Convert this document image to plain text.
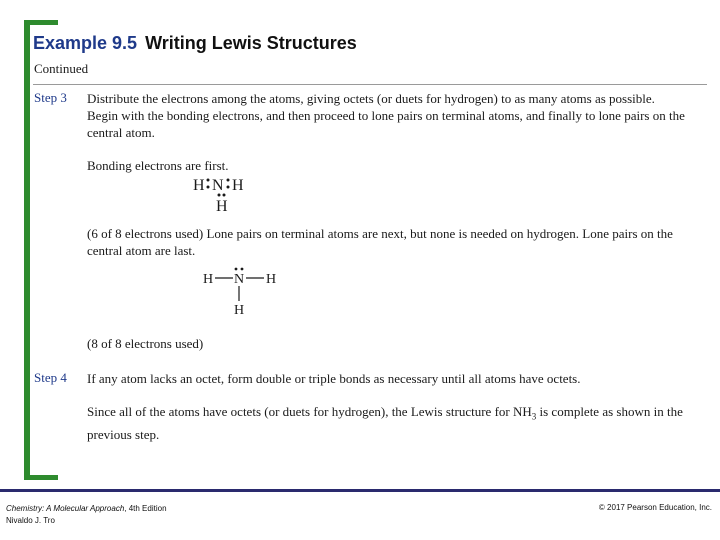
Example 9.5 Writing Lewis Structures
Continued
Step 3 Distribute the electrons among the atoms, giving octets (or duets for hydrogen) to as many atoms as possible. Begin with the bonding electrons, and then proceed to lone pairs on terminal atoms, and finally to lone pairs on the central atom.
Bonding electrons are first.
H N H
H
(6 of 8 electrons used) Lone pairs on terminal atoms are next, but none is needed on hydrogen. Lone pairs on the central atom are last.
H N H
H
(8 of 8 electrons used)
Step 4 If any atom lacks an octet, form double or triple bonds as necessary until all atoms have octets.
Since all of the atoms have octets (or duets for hydrogen), the Lewis structure for $NH_3$ is complete as shown in the previous step.
Chemistry: A Molecular Approach, 4th Edition
Nivaldo J. Tro
© 2017 Pearson Education, Inc.
